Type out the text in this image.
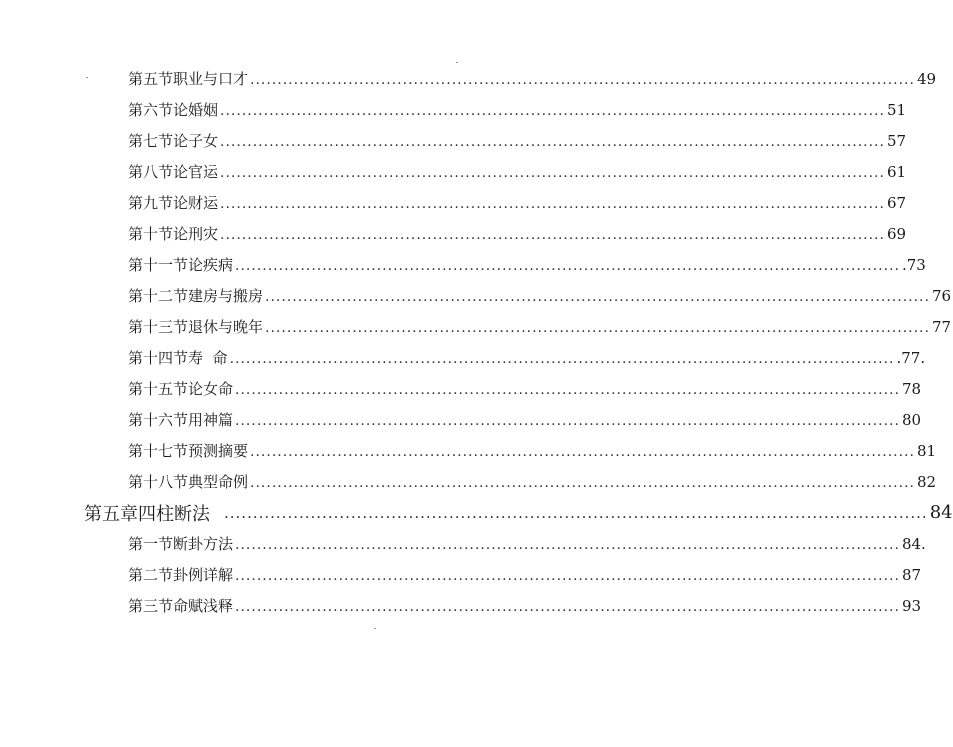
第五节 职业与口才 .......................................................................................................................... 49
第六节 论婚姻 .......................................................................................................................... 51
第七节 论子女 .......................................................................................................................... 57
第八节 论官运 .......................................................................................................................... 61
第九节 论财运 .......................................................................................................................... 67
第十节 论刑灾 .......................................................................................................................... 69
第十一节 论疾病 .......................................................................................................................... .73
第十二节 建房与搬房 .......................................................................................................................... 76
第十三节 退休与晚年 .......................................................................................................................... 77
第十四节 寿  命 .......................................................................................................................... .77.
第十五节 论女命 .......................................................................................................................... 78
第十六节 用神篇 .......................................................................................................................... 80
第十七节 预测摘要 .......................................................................................................................... 81
第十八节 典型命例 .......................................................................................................................... 82
第五章 四柱断法 .......................................................................................................................... 84
第一节 断卦方法 .......................................................................................................................... 84.
第二节 卦例详解 .......................................................................................................................... 87
第三节 命赋浅释 .......................................................................................................................... 93
